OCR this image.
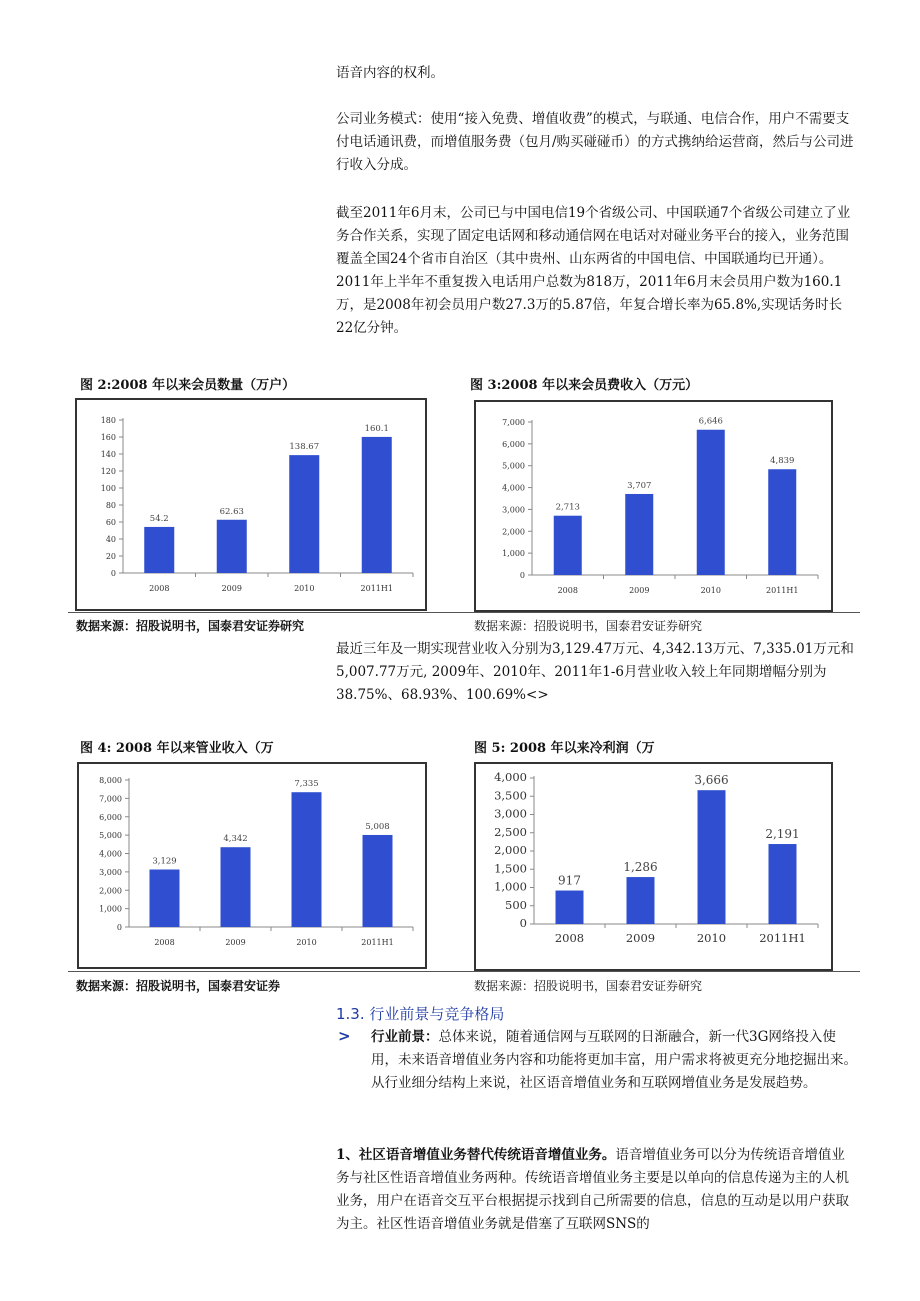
语音内容的权利。

公司业务模式：使用“接入免费、增值收费”的模式，与联通、电信合作，用户不需要支付电话通讯费，而增值服务费（包月/购买碰碰币）的方式携纳给运营商，然后与公司进行收入分成。

截至2011年6月末，公司已与中国电信19个省级公司、中国联通7个省级公司建立了业务合作关系，实现了固定电话网和移动通信网在电话对对碰业务平台的接入，业务范围覆盖全国24个省市自治区（其中贵州、山东两省的中国电信、中国联通均已开通）。2011年上半年不重复拨入电话用户总数为818万，2011年6月末会员用户数为160.1万，是2008年初会员用户数27.3万的5.87倍，年复合增长率为65.8%,实现话务时长22亿分钟。

图 2:2008 年以来会员数量（万户）	图 3:2008 年以来会员费收入（万元）

0
20
40
60
80
100
120
140
160
180
54.2
2008
62.63
2009
138.67
2010
160.1
2011H1
0
1,000
2,000
3,000
4,000
5,000
6,000
7,000
2,713
2008
3,707
2009
6,646
2010
4,839
2011H1

数据来源：招股说明书，国泰君安证券研究	数据来源：招股说明书，国泰君安证券研究

最近三年及一期实现营业收入分别为3,129.47万元、4,342.13万元、7,335.01万元和5,007.77万元, 2009年、2010年、2011年1-6月营业收入较上年同期增幅分别为38.75%、68.93%、100.69%<>

图 4: 2008 年以来管业收入（万	图 5: 2008 年以来冷利润（万

0
1,000
2,000
3,000
4,000
5,000
6,000
7,000
8,000
3,129
2008
4,342
2009
7,335
2010
5,008
2011H1
0
500
1,000
1,500
2,000
2,500
3,000
3,500
4,000
917
2008
1,286
2009
3,666
2010
2,191
2011H1

数据来源：招股说明书，国泰君安证券	数据来源：招股说明书，国泰君安证券研究

1.3. 行业前景与竞争格局

> 行业前景：总体来说，随着通信网与互联网的日渐融合，新一代3G网络投入使用，未来语音增值业务内容和功能将更加丰富，用户需求将被更充分地挖掘出来。从行业细分结构上来说，社区语音增值业务和互联网增值业务是发展趋势。

1、社区语音增值业务替代传统语音增值业务。语音增值业务可以分为传统语音增值业务与社区性语音增值业务两种。传统语音增值业务主要是以单向的信息传递为主的人机业务，用户在语音交互平台根据提示找到自己所需要的信息，信息的互动是以用户获取为主。社区性语音增值业务就是借塞了互联网SNS的
